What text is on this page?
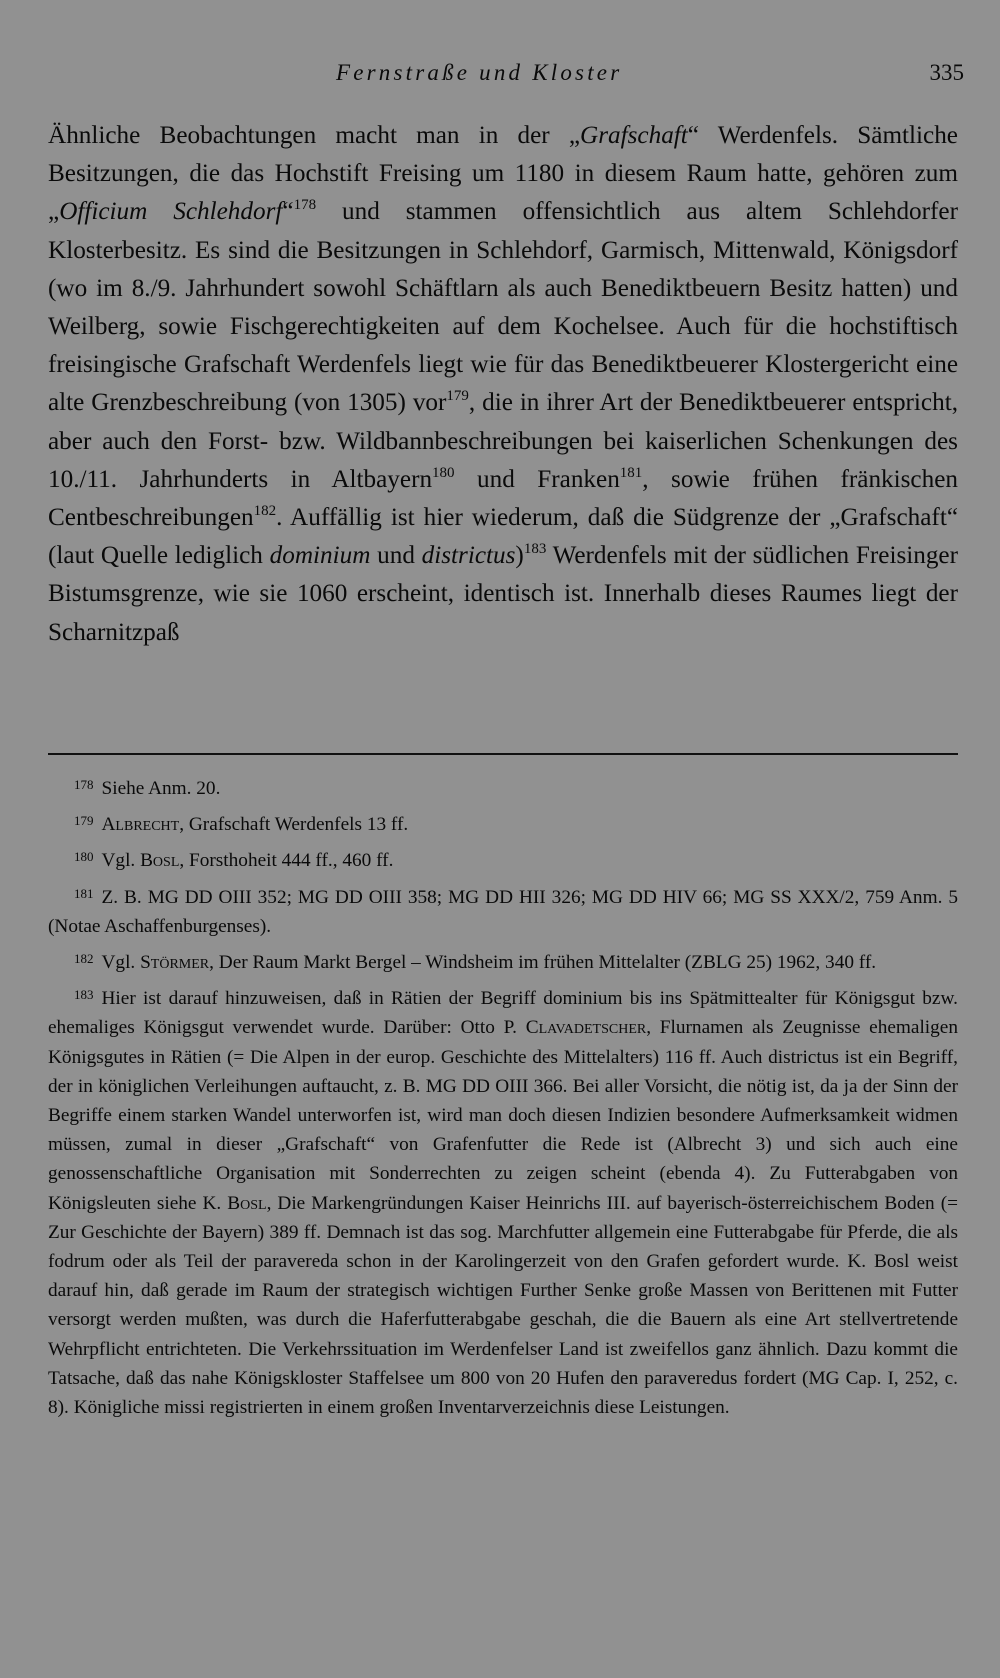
Fernstraße und Kloster	335

Ähnliche Beobachtungen macht man in der „Grafschaft“ Werdenfels. Sämtliche Besitzungen, die das Hochstift Freising um 1180 in diesem Raum hatte, gehören zum „Officium Schlehdorf“$^{178}$ und stammen offensichtlich aus altem Schlehdorfer Klosterbesitz. Es sind die Besitzungen in Schlehdorf, Garmisch, Mittenwald, Königsdorf (wo im 8./9. Jahrhundert sowohl Schäftlarn als auch Benediktbeuern Besitz hatten) und Weilberg, sowie Fischgerechtigkeiten auf dem Kochelsee. Auch für die hochstiftisch freisingische Grafschaft Werdenfels liegt wie für das Benediktbeuerer Klostergericht eine alte Grenzbeschreibung (von 1305) vor$^{179}$, die in ihrer Art der Benediktbeuerer entspricht, aber auch den Forst- bzw. Wildbannbeschreibungen bei kaiserlichen Schenkungen des 10./11. Jahrhunderts in Altbayern$^{180}$ und Franken$^{181}$, sowie frühen fränkischen Centbeschreibungen$^{182}$. Auffällig ist hier wiederum, daß die Südgrenze der „Grafschaft“ (laut Quelle lediglich dominium und districtus)$^{183}$ Werdenfels mit der südlichen Freisinger Bistumsgrenze, wie sie 1060 erscheint, identisch ist. Innerhalb dieses Raumes liegt der Scharnitzpaß

$^{178}$ Siehe Anm. 20.

$^{179}$ Albrecht, Grafschaft Werdenfels 13 ff.

$^{180}$ Vgl. Bosl, Forsthoheit 444 ff., 460 ff.

$^{181}$ Z. B. MG DD OIII 352; MG DD OIII 358; MG DD HII 326; MG DD HIV 66; MG SS XXX/2, 759 Anm. 5 (Notae Aschaffenburgenses).

$^{182}$ Vgl. Störmer, Der Raum Markt Bergel – Windsheim im frühen Mittelalter (ZBLG 25) 1962, 340 ff.

$^{183}$ Hier ist darauf hinzuweisen, daß in Rätien der Begriff dominium bis ins Spätmittealter für Königsgut bzw. ehemaliges Königsgut verwendet wurde. Darüber: Otto P. Clavadetscher, Flurnamen als Zeugnisse ehemaligen Königsgutes in Rätien (= Die Alpen in der europ. Geschichte des Mittelalters) 116 ff. Auch districtus ist ein Begriff, der in königlichen Verleihungen auftaucht, z. B. MG DD OIII 366. Bei aller Vorsicht, die nötig ist, da ja der Sinn der Begriffe einem starken Wandel unterworfen ist, wird man doch diesen Indizien besondere Aufmerksamkeit widmen müssen, zumal in dieser „Grafschaft“ von Grafenfutter die Rede ist (Albrecht 3) und sich auch eine genossenschaftliche Organisation mit Sonderrechten zu zeigen scheint (ebenda 4). Zu Futterabgaben von Königsleuten siehe K. Bosl, Die Markengründungen Kaiser Heinrichs III. auf bayerisch-österreichischem Boden (= Zur Geschichte der Bayern) 389 ff. Demnach ist das sog. Marchfutter allgemein eine Futterabgabe für Pferde, die als fodrum oder als Teil der paravereda schon in der Karolingerzeit von den Grafen gefordert wurde. K. Bosl weist darauf hin, daß gerade im Raum der strategisch wichtigen Further Senke große Massen von Berittenen mit Futter versorgt werden mußten, was durch die Haferfutterabgabe geschah, die die Bauern als eine Art stellvertretende Wehrpflicht entrichteten. Die Verkehrssituation im Werdenfelser Land ist zweifellos ganz ähnlich. Dazu kommt die Tatsache, daß das nahe Königskloster Staffelsee um 800 von 20 Hufen den paraveredus fordert (MG Cap. I, 252, c. 8). Königliche missi registrierten in einem großen Inventarverzeichnis diese Leistungen.
